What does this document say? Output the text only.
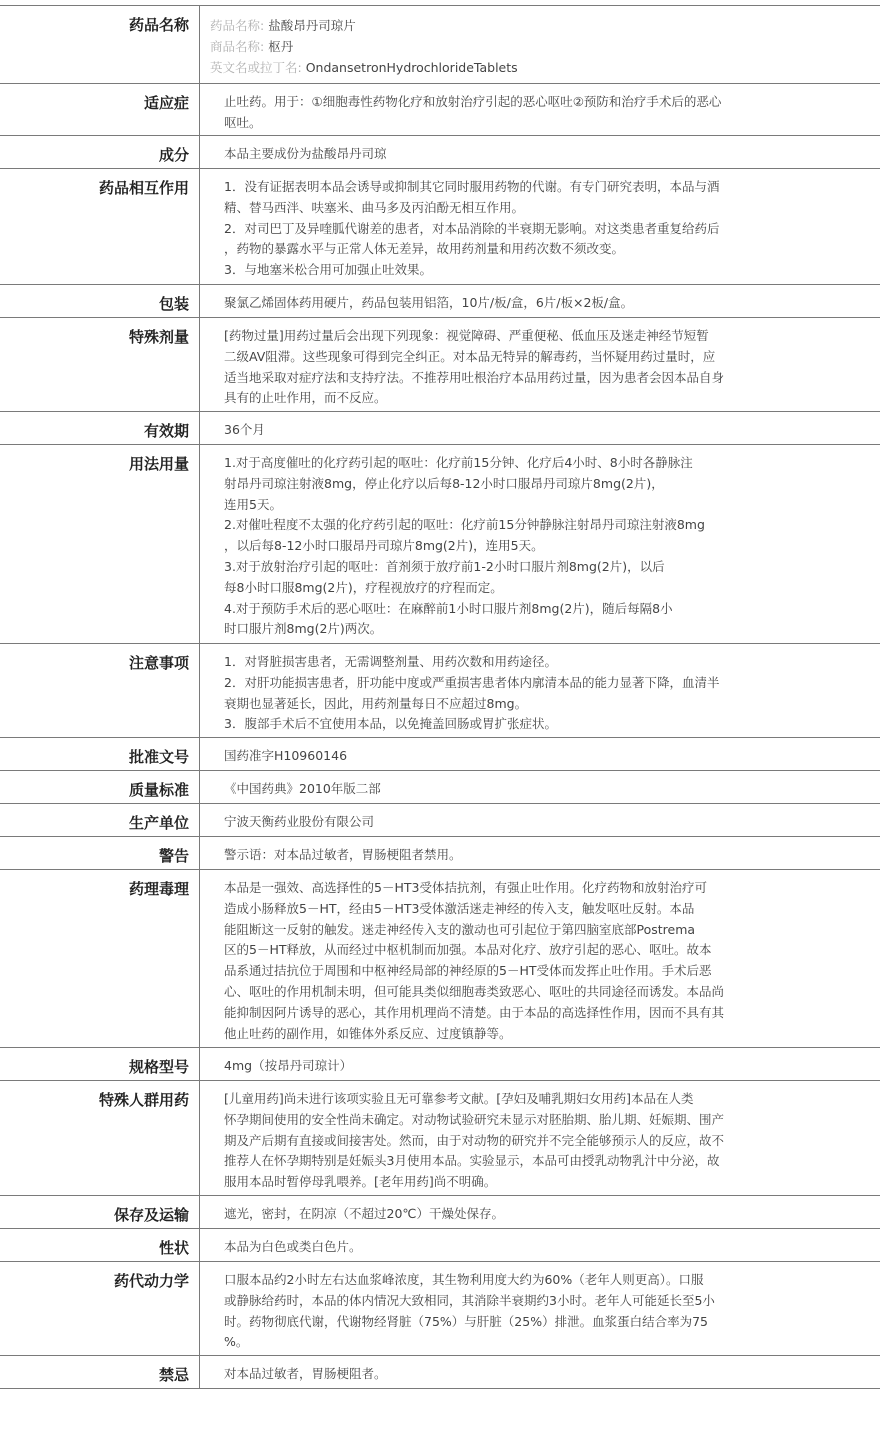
药品名称	药品名称: 盐酸昂丹司琼片
商品名称: 枢丹
英文名或拉丁名: OndansetronHydrochlorideTablets
适应症	止吐药。用于：①细胞毒性药物化疗和放射治疗引起的恶心呕吐②预防和治疗手术后的恶心
呕吐。
成分	本品主要成份为盐酸昂丹司琼
药品相互作用	1．没有证据表明本品会诱导或抑制其它同时服用药物的代谢。有专门研究表明，本品与酒
精、替马西泮、呋塞米、曲马多及丙泊酚无相互作用。
2．对司巴丁及异喹胍代谢差的患者，对本品消除的半衰期无影响。对这类患者重复给药后
，药物的暴露水平与正常人体无差异，故用药剂量和用药次数不须改变。
3．与地塞米松合用可加强止吐效果。
包装	聚氯乙烯固体药用硬片，药品包装用铝箔，10片/板/盒，6片/板×2板/盒。
特殊剂量	[药物过量]用药过量后会出现下列现象：视觉障碍、严重便秘、低血压及迷走神经节短暂
二级AV阻滞。这些现象可得到完全纠正。对本品无特异的解毒药，当怀疑用药过量时，应
适当地采取对症疗法和支持疗法。不推荐用吐根治疗本品用药过量，因为患者会因本品自身
具有的止吐作用，而不反应。
有效期	36个月
用法用量	1.对于高度催吐的化疗药引起的呕吐：化疗前15分钟、化疗后4小时、8小时各静脉注
射昂丹司琼注射液8mg，停止化疗以后每8-12小时口服昂丹司琼片8mg(2片)，
连用5天。
2.对催吐程度不太强的化疗药引起的呕吐：化疗前15分钟静脉注射昂丹司琼注射液8mg
，以后每8-12小时口服昂丹司琼片8mg(2片)，连用5天。
3.对于放射治疗引起的呕吐：首剂须于放疗前1-2小时口服片剂8mg(2片)，以后
每8小时口服8mg(2片)，疗程视放疗的疗程而定。
4.对于预防手术后的恶心呕吐：在麻醉前1小时口服片剂8mg(2片)，随后每隔8小
时口服片剂8mg(2片)两次。
注意事项	1．对肾脏损害患者，无需调整剂量、用药次数和用药途径。
2．对肝功能损害患者，肝功能中度或严重损害患者体内廓清本品的能力显著下降，血清半
衰期也显著延长，因此，用药剂量每日不应超过8mg。
3．腹部手术后不宜使用本品，以免掩盖回肠或胃扩张症状。
批准文号	国药准字H10960146
质量标准	《中国药典》2010年版二部
生产单位	宁波天衡药业股份有限公司
警告	警示语：对本品过敏者，胃肠梗阻者禁用。
药理毒理	本品是一强效、高选择性的5－HT3受体拮抗剂，有强止吐作用。化疗药物和放射治疗可
造成小肠释放5－HT，经由5－HT3受体激活迷走神经的传入支，触发呕吐反射。本品
能阻断这一反射的触发。迷走神经传入支的激动也可引起位于第四脑室底部Postrema
区的5－HT释放，从而经过中枢机制而加强。本品对化疗、放疗引起的恶心、呕吐。故本
品系通过拮抗位于周围和中枢神经局部的神经原的5－HT受体而发挥止吐作用。手术后恶
心、呕吐的作用机制未明，但可能具类似细胞毒类致恶心、呕吐的共同途径而诱发。本品尚
能抑制因阿片诱导的恶心，其作用机理尚不清楚。由于本品的高选择性作用，因而不具有其
他止吐药的副作用，如锥体外系反应、过度镇静等。
规格型号	4mg（按昂丹司琼计）
特殊人群用药	[儿童用药]尚未进行该项实验且无可靠参考文献。[孕妇及哺乳期妇女用药]本品在人类
怀孕期间使用的安全性尚未确定。对动物试验研究未显示对胚胎期、胎儿期、妊娠期、围产
期及产后期有直接或间接害处。然而，由于对动物的研究并不完全能够预示人的反应，故不
推荐人在怀孕期特别是妊娠头3月使用本品。实验显示，本品可由授乳动物乳汁中分泌，故
服用本品时暂停母乳喂养。[老年用药]尚不明确。
保存及运输	遮光，密封，在阴凉（不超过20℃）干燥处保存。
性状	本品为白色或类白色片。
药代动力学	口服本品约2小时左右达血浆峰浓度，其生物利用度大约为60%（老年人则更高）。口服
或静脉给药时，本品的体内情况大致相同，其消除半衰期约3小时。老年人可能延长至5小
时。药物彻底代谢，代谢物经肾脏（75%）与肝脏（25%）排泄。血浆蛋白结合率为75
%。
禁忌	对本品过敏者，胃肠梗阻者。
